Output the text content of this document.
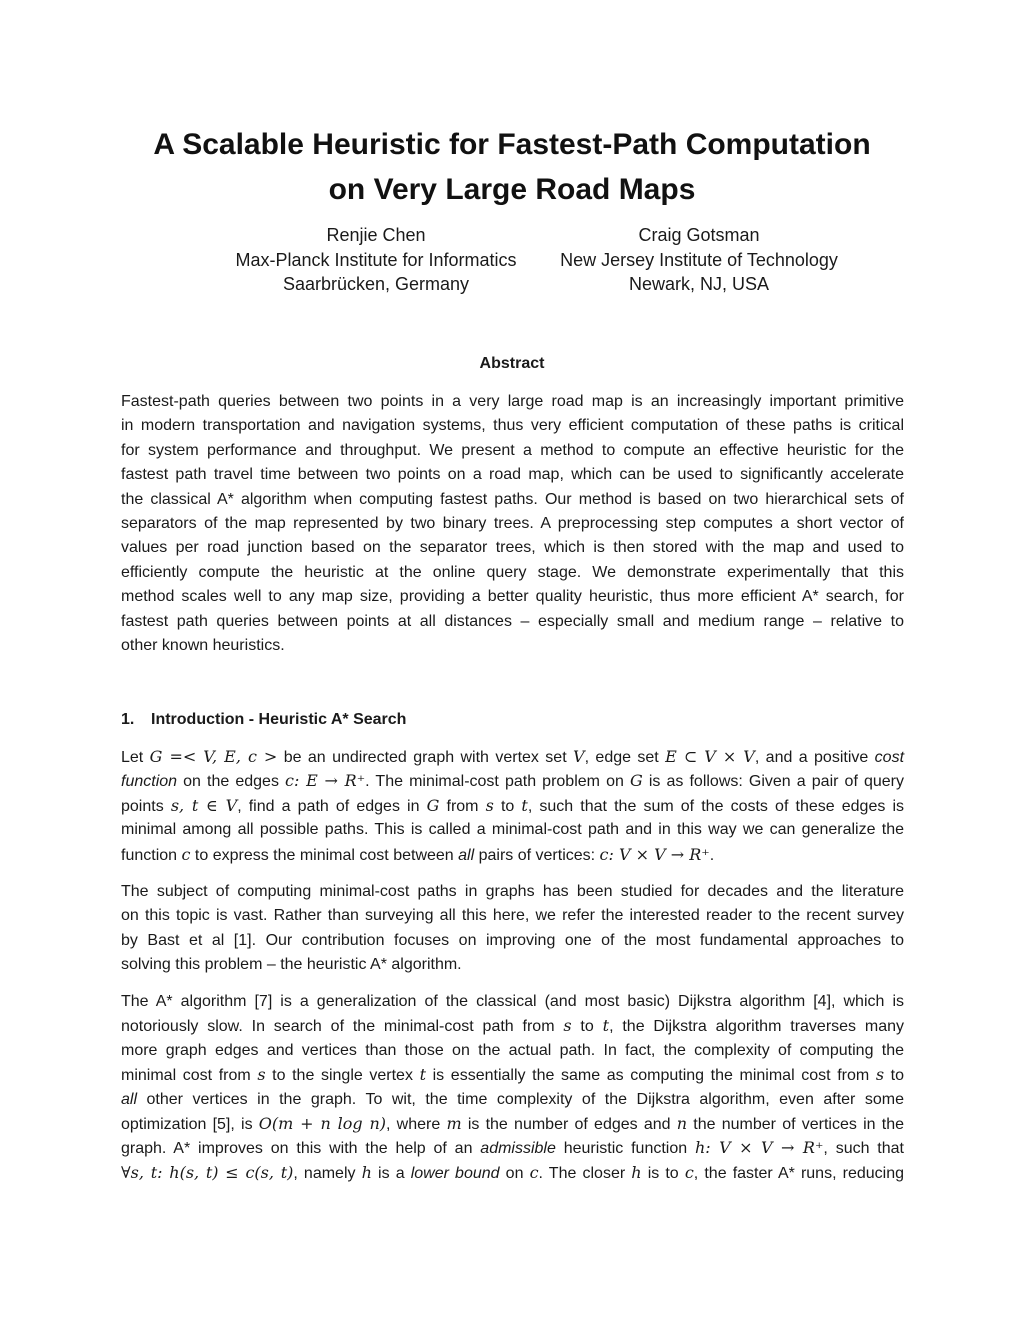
A Scalable Heuristic for Fastest-Path Computation
on Very Large Road Maps
Renjie Chen
Max-Planck Institute for Informatics
Saarbrücken, Germany
Craig Gotsman
New Jersey Institute of Technology
Newark, NJ, USA
Abstract
Fastest-path queries between two points in a very large road map is an increasingly important primitive
in modern transportation and navigation systems, thus very efficient computation of these paths is critical
for system performance and throughput. We present a method to compute an effective heuristic for the
fastest path travel time between two points on a road map, which can be used to significantly accelerate
the classical A* algorithm when computing fastest paths. Our method is based on two hierarchical sets of
separators of the map represented by two binary trees. A preprocessing step computes a short vector of
values per road junction based on the separator trees, which is then stored with the map and used to
efficiently compute the heuristic at the online query stage. We demonstrate experimentally that this
method scales well to any map size, providing a better quality heuristic, thus more efficient A* search, for
fastest path queries between points at all distances – especially small and medium range – relative to
other known heuristics.
1. Introduction - Heuristic A* Search
Let G =< V, E, c > be an undirected graph with vertex set V, edge set E ⊂ V × V, and a positive cost
function on the edges c: E → R⁺. The minimal-cost path problem on G is as follows: Given a pair of query
points s, t ∈ V, find a path of edges in G from s to t, such that the sum of the costs of these edges is
minimal among all possible paths. This is called a minimal-cost path and in this way we can generalize the
function c to express the minimal cost between all pairs of vertices: c: V × V → R⁺.
The subject of computing minimal-cost paths in graphs has been studied for decades and the literature
on this topic is vast. Rather than surveying all this here, we refer the interested reader to the recent survey
by Bast et al [1]. Our contribution focuses on improving one of the most fundamental approaches to
solving this problem – the heuristic A* algorithm.
The A* algorithm [7] is a generalization of the classical (and most basic) Dijkstra algorithm [4], which is
notoriously slow. In search of the minimal-cost path from s to t, the Dijkstra algorithm traverses many
more graph edges and vertices than those on the actual path. In fact, the complexity of computing the
minimal cost from s to the single vertex t is essentially the same as computing the minimal cost from s to
all other vertices in the graph. To wit, the time complexity of the Dijkstra algorithm, even after some
optimization [5], is O(m + n log n), where m is the number of edges and n the number of vertices in the
graph. A* improves on this with the help of an admissible heuristic function h: V × V → R⁺, such that
∀s, t: h(s, t) ≤ c(s, t), namely h is a lower bound on c. The closer h is to c, the faster A* runs, reducing
